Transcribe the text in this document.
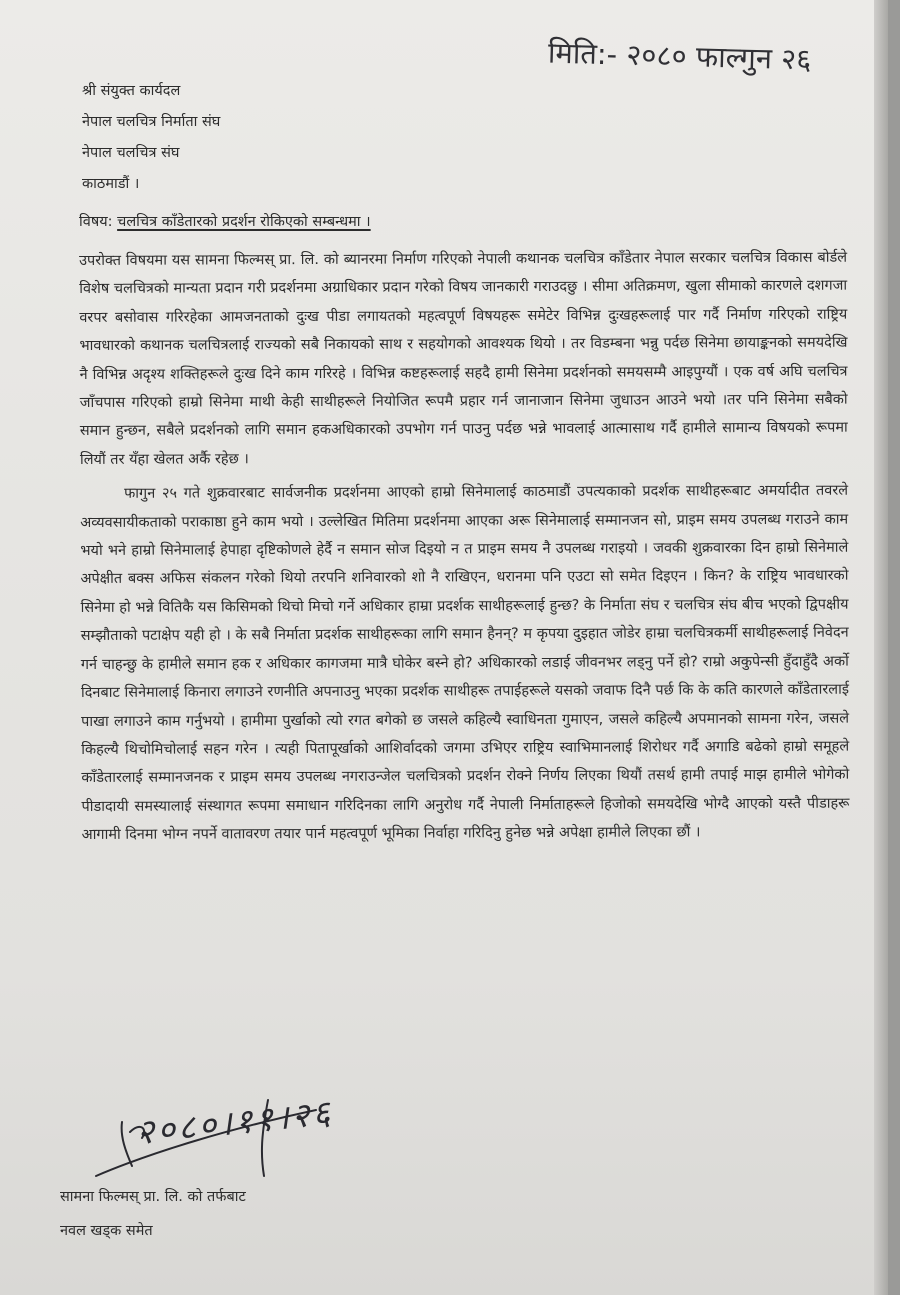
मिति:- २०८० फाल्गुन २६
श्री संयुक्त कार्यदल
नेपाल चलचित्र निर्माता संघ
नेपाल चलचित्र संघ
काठमाडौं ।
विषय: चलचित्र काँडेतारको प्रदर्शन रोकिएको सम्बन्धमा ।

उपरोक्त विषयमा यस सामना फिल्मस् प्रा. लि. को ब्यानरमा निर्माण गरिएको नेपाली कथानक चलचित्र काँडेतार नेपाल सरकार चलचित्र विकास बोर्डले विशेष चलचित्रको मान्यता प्रदान गरी प्रदर्शनमा अग्राधिकार प्रदान गरेको विषय जानकारी गराउदछु । सीमा अतिक्रमण, खुला सीमाको कारणले दशगजा वरपर बसोवास गरिरहेका आमजनताको दुःख पीडा लगायतको महत्वपूर्ण विषयहरू समेटेर विभिन्न दुःखहरूलाई पार गर्दै निर्माण गरिएको राष्ट्रिय भावधारको कथानक चलचित्रलाई राज्यको सबै निकायको साथ र सहयोगको आवश्यक थियो । तर विडम्बना भन्नु पर्दछ सिनेमा छायाङ्कनको समयदेखि नै विभिन्न अदृश्य शक्तिहरूले दुःख दिने काम गरिरहे । विभिन्न कष्टहरूलाई सहदै हामी सिनेमा प्रदर्शनको समयसम्मै आइपुग्यौं । एक वर्ष अघि चलचित्र जाँचपास गरिएको हाम्रो सिनेमा माथी केही साथीहरूले नियोजित रूपमै प्रहार गर्न जानाजान सिनेमा जुधाउन आउने भयो ।तर पनि सिनेमा सबैको समान हुन्छन, सबैले प्रदर्शनको लागि समान हकअधिकारको उपभोग गर्न पाउनु पर्दछ भन्ने भावलाई आत्मासाथ गर्दै हामीले सामान्य विषयको रूपमा लियौं तर यँहा खेलत अर्कै रहेछ ।

फागुन २५ गते शुक्रवारबाट सार्वजनीक प्रदर्शनमा आएको हाम्रो सिनेमालाई काठमाडौं उपत्यकाको प्रदर्शक साथीहरूबाट अमर्यादीत तवरले अव्यवसायीकताको पराकाष्ठा हुने काम भयो । उल्लेखित मितिमा प्रदर्शनमा आएका अरू सिनेमालाई सम्मानजन सो, प्राइम समय उपलब्ध गराउने काम भयो भने हाम्रो सिनेमालाई हेपाहा दृष्टिकोणले हेर्दै न समान सोज दिइयो न त प्राइम समय नै उपलब्ध गराइयो । जवकी शुक्रवारका दिन हाम्रो सिनेमाले अपेक्षीत बक्स अफिस संकलन गरेको थियो तरपनि शनिवारको शो नै राखिएन, धरानमा पनि एउटा सो समेत दिइएन । किन? के राष्ट्रिय भावधारको सिनेमा हो भन्ने वितिकै यस किसिमको थिचो मिचो गर्ने अधिकार हाम्रा प्रदर्शक साथीहरूलाई हुन्छ? के निर्माता संघ र चलचित्र संघ बीच भएको द्विपक्षीय सम्झौताको पटाक्षेप यही हो । के सबै निर्माता प्रदर्शक साथीहरूका लागि समान हैनन्? म कृपया दुइहात जोडेर हाम्रा चलचित्रकर्मी साथीहरूलाई निवेदन गर्न चाहन्छु के हामीले समान हक र अधिकार कागजमा मात्रै घोकेर बस्ने हो? अधिकारको लडाई जीवनभर लड्नु पर्ने हो? राम्रो अकुपेन्सी हुँदाहुँदै अर्को दिनबाट सिनेमालाई किनारा लगाउने रणनीति अपनाउनु भएका प्रदर्शक साथीहरू तपाईहरूले यसको जवाफ दिनै पर्छ कि के कति कारणले काँडेतारलाई पाखा लगाउने काम गर्नुभयो । हामीमा पुर्खाको त्यो रगत बगेको छ जसले कहिल्यै स्वाधिनता गुमाएन, जसले कहिल्यै अपमानको सामना गरेन, जसले किहल्यै थिचोमिचोलाई सहन गरेन । त्यही पितापूर्खाको आशिर्वादको जगमा उभिएर राष्ट्रिय स्वाभिमानलाई शिरोधर गर्दै अगाडि बढेको हाम्रो समूहले काँडेतारलाई सम्मानजनक र प्राइम समय उपलब्ध नगराउन्जेल चलचित्रको प्रदर्शन रोक्ने निर्णय लिएका थियौं तसर्थ हामी तपाई माझ हामीले भोगेको पीडादायी समस्यालाई संस्थागत रूपमा समाधान गरिदिनका लागि अनुरोध गर्दै नेपाली निर्माताहरूले हिजोको समयदेखि भोग्दै आएको यस्तै पीडाहरू आगामी दिनमा भोग्न नपर्ने वातावरण तयार पार्न महत्वपूर्ण भूमिका निर्वाहा गरिदिनु हुनेछ भन्ने अपेक्षा हामीले लिएका छौं ।

२०८०।११।२६
सामना फिल्मस् प्रा. लि. को तर्फबाट
नवल खड्क समेत
